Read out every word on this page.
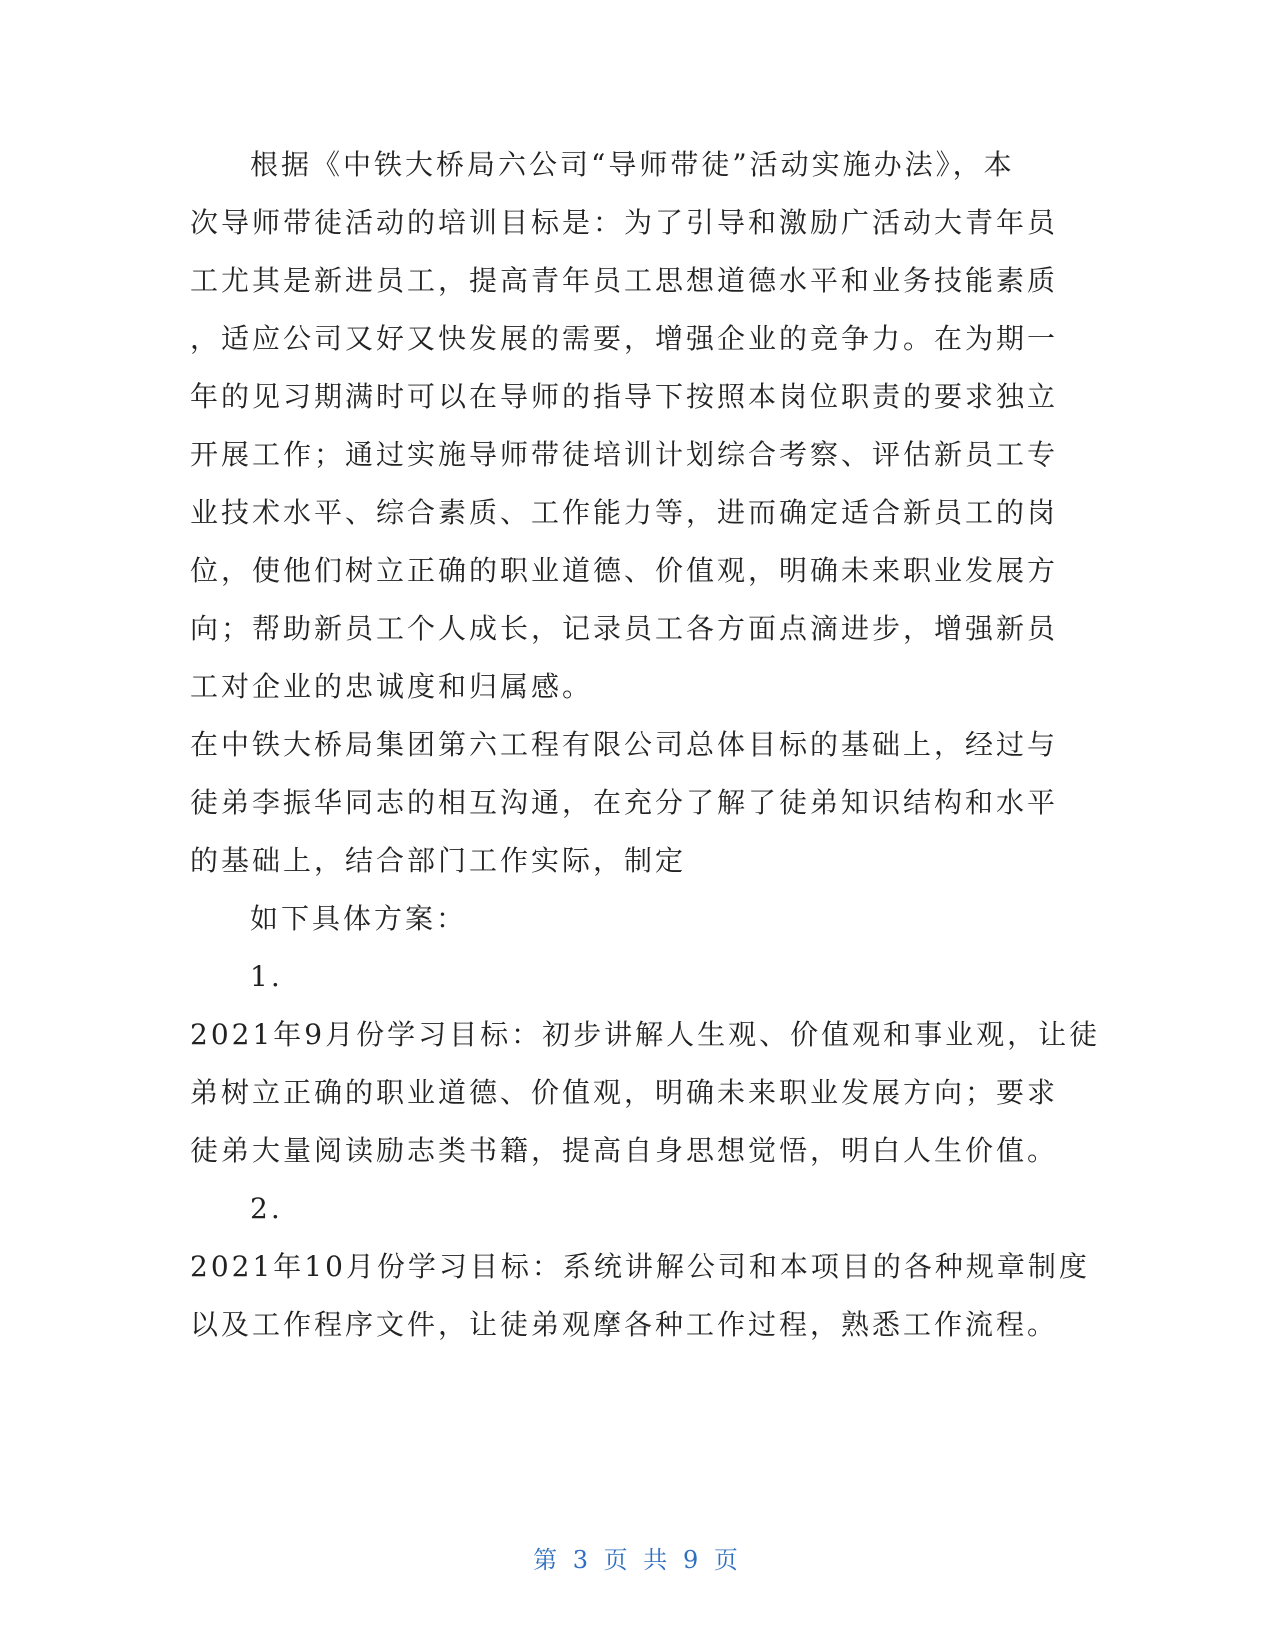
根据《中铁大桥局六公司“导师带徒”活动实施办法》，本
次导师带徒活动的培训目标是：为了引导和激励广活动大青年员
工尤其是新进员工，提高青年员工思想道德水平和业务技能素质
，适应公司又好又快发展的需要，增强企业的竞争力。在为期一
年的见习期满时可以在导师的指导下按照本岗位职责的要求独立
开展工作；通过实施导师带徒培训计划综合考察、评估新员工专
业技术水平、综合素质、工作能力等，进而确定适合新员工的岗
位，使他们树立正确的职业道德、价值观，明确未来职业发展方
向；帮助新员工个人成长，记录员工各方面点滴进步，增强新员
工对企业的忠诚度和归属感。
在中铁大桥局集团第六工程有限公司总体目标的基础上，经过与
徒弟李振华同志的相互沟通，在充分了解了徒弟知识结构和水平
的基础上，结合部门工作实际，制定
如下具体方案：
1.
2021年9月份学习目标：初步讲解人生观、价值观和事业观，让徒
弟树立正确的职业道德、价值观，明确未来职业发展方向；要求
徒弟大量阅读励志类书籍，提高自身思想觉悟，明白人生价值。
2.
2021年10月份学习目标：系统讲解公司和本项目的各种规章制度
以及工作程序文件，让徒弟观摩各种工作过程，熟悉工作流程。
第 3 页 共 9 页
